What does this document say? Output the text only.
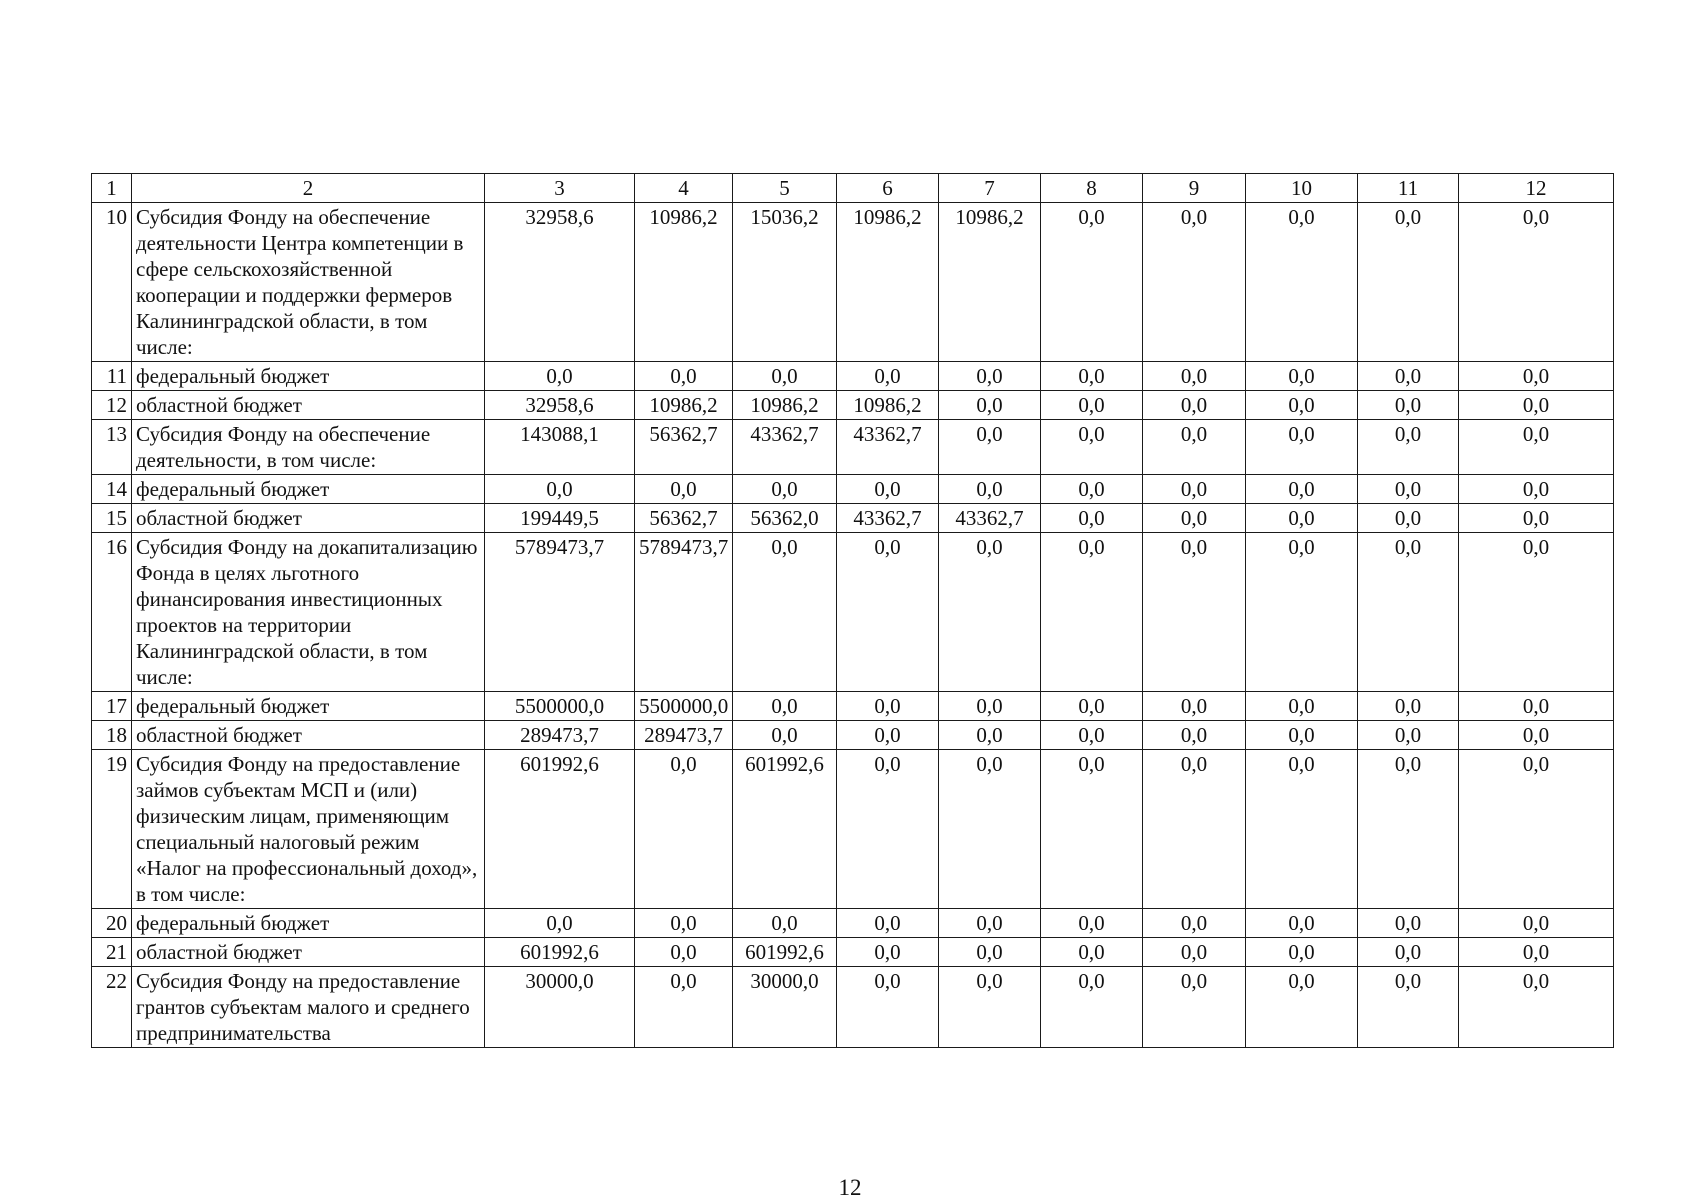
1	2	3	4	5	6	7	8	9	10	11	12
10	Субсидия Фонду на обеспечение деятельности Центра компетенции в сфере сельскохозяйственной кооперации и поддержки фермеров Калининградской области, в том числе:	32958,6	10986,2	15036,2	10986,2	10986,2	0,0	0,0	0,0	0,0	0,0
11	федеральный бюджет	0,0	0,0	0,0	0,0	0,0	0,0	0,0	0,0	0,0	0,0
12	областной бюджет	32958,6	10986,2	10986,2	10986,2	0,0	0,0	0,0	0,0	0,0	0,0
13	Субсидия Фонду на обеспечение деятельности, в том числе:	143088,1	56362,7	43362,7	43362,7	0,0	0,0	0,0	0,0	0,0	0,0
14	федеральный бюджет	0,0	0,0	0,0	0,0	0,0	0,0	0,0	0,0	0,0	0,0
15	областной бюджет	199449,5	56362,7	56362,0	43362,7	43362,7	0,0	0,0	0,0	0,0	0,0
16	Субсидия Фонду на докапитализацию Фонда в целях льготного финансирования инвестиционных проектов на территории Калининградской области, в том числе:	5789473,7	5789473,7	0,0	0,0	0,0	0,0	0,0	0,0	0,0	0,0
17	федеральный бюджет	5500000,0	5500000,0	0,0	0,0	0,0	0,0	0,0	0,0	0,0	0,0
18	областной бюджет	289473,7	289473,7	0,0	0,0	0,0	0,0	0,0	0,0	0,0	0,0
19	Субсидия Фонду на предоставление займов субъектам МСП и (или) физическим лицам, применяющим специальный налоговый режим «Налог на профессиональный доход», в том числе:	601992,6	0,0	601992,6	0,0	0,0	0,0	0,0	0,0	0,0	0,0
20	федеральный бюджет	0,0	0,0	0,0	0,0	0,0	0,0	0,0	0,0	0,0	0,0
21	областной бюджет	601992,6	0,0	601992,6	0,0	0,0	0,0	0,0	0,0	0,0	0,0
22	Субсидия Фонду на предоставление грантов субъектам малого и среднего предпринимательства	30000,0	0,0	30000,0	0,0	0,0	0,0	0,0	0,0	0,0	0,0
12
